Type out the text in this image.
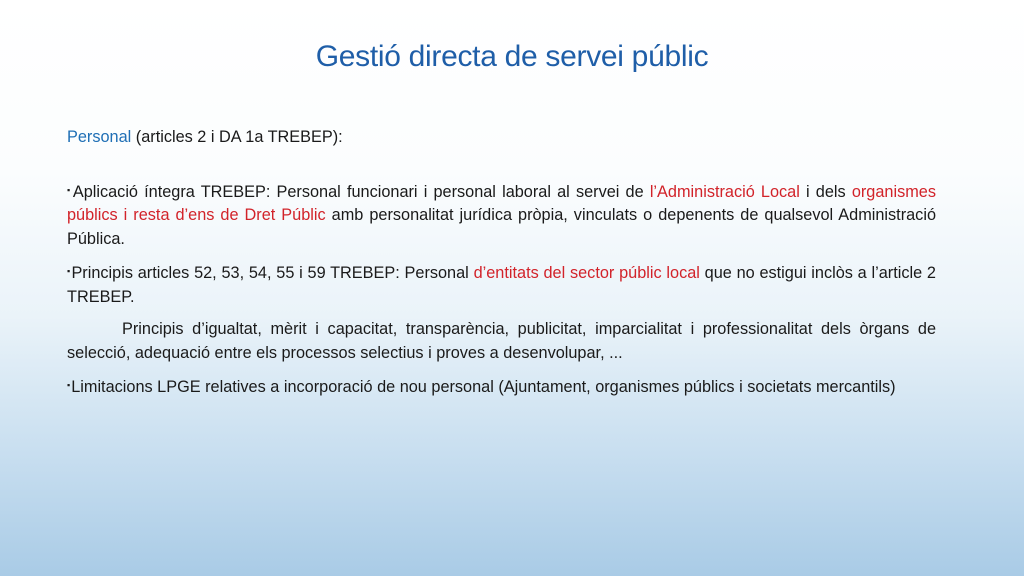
Gestió directa de servei públic
Personal (articles 2 i DA 1a TREBEP):
▪Aplicació íntegra TREBEP: Personal funcionari i personal laboral al servei de l’Administració Local i dels organismes públics i resta d’ens de Dret Públic amb personalitat jurídica pròpia, vinculats o depenents de qualsevol Administració Pública.
▪Principis articles 52, 53, 54, 55 i 59 TREBEP: Personal d’entitats del sector públic local que no estigui inclòs a l’article 2 TREBEP.
Principis d’igualtat, mèrit i capacitat, transparència, publicitat, imparcialitat i professionalitat dels òrgans de selecció, adequació entre els processos selectius i proves a desenvolupar, ...
▪Limitacions LPGE relatives a incorporació de nou personal (Ajuntament, organismes públics i societats mercantils)
